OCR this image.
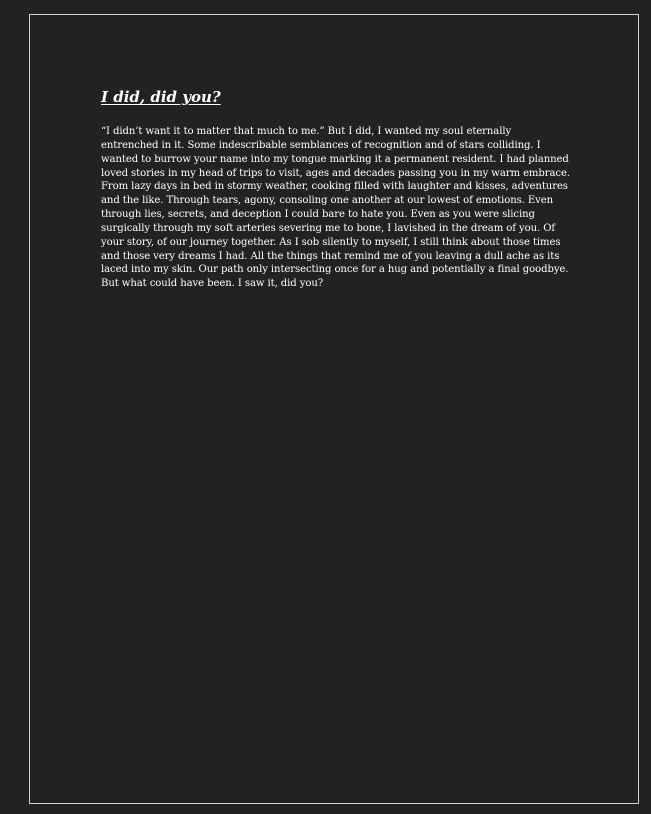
I did, did you?

“I didn’t want it to matter that much to me.” But I did, I wanted my soul eternally entrenched in it. Some indescribable semblances of recognition and of stars colliding. I wanted to burrow your name into my tongue marking it a permanent resident. I had planned loved stories in my head of trips to visit, ages and decades passing you in my warm embrace. From lazy days in bed in stormy weather, cooking filled with laughter and kisses, adventures and the like. Through tears, agony, consoling one another at our lowest of emotions. Even through lies, secrets, and deception I could bare to hate you. Even as you were slicing surgically through my soft arteries severing me to bone, I lavished in the dream of you. Of your story, of our journey together. As I sob silently to myself, I still think about those times and those very dreams I had. All the things that remind me of you leaving a dull ache as its laced into my skin. Our path only intersecting once for a hug and potentially a final goodbye. But what could have been. I saw it, did you?
